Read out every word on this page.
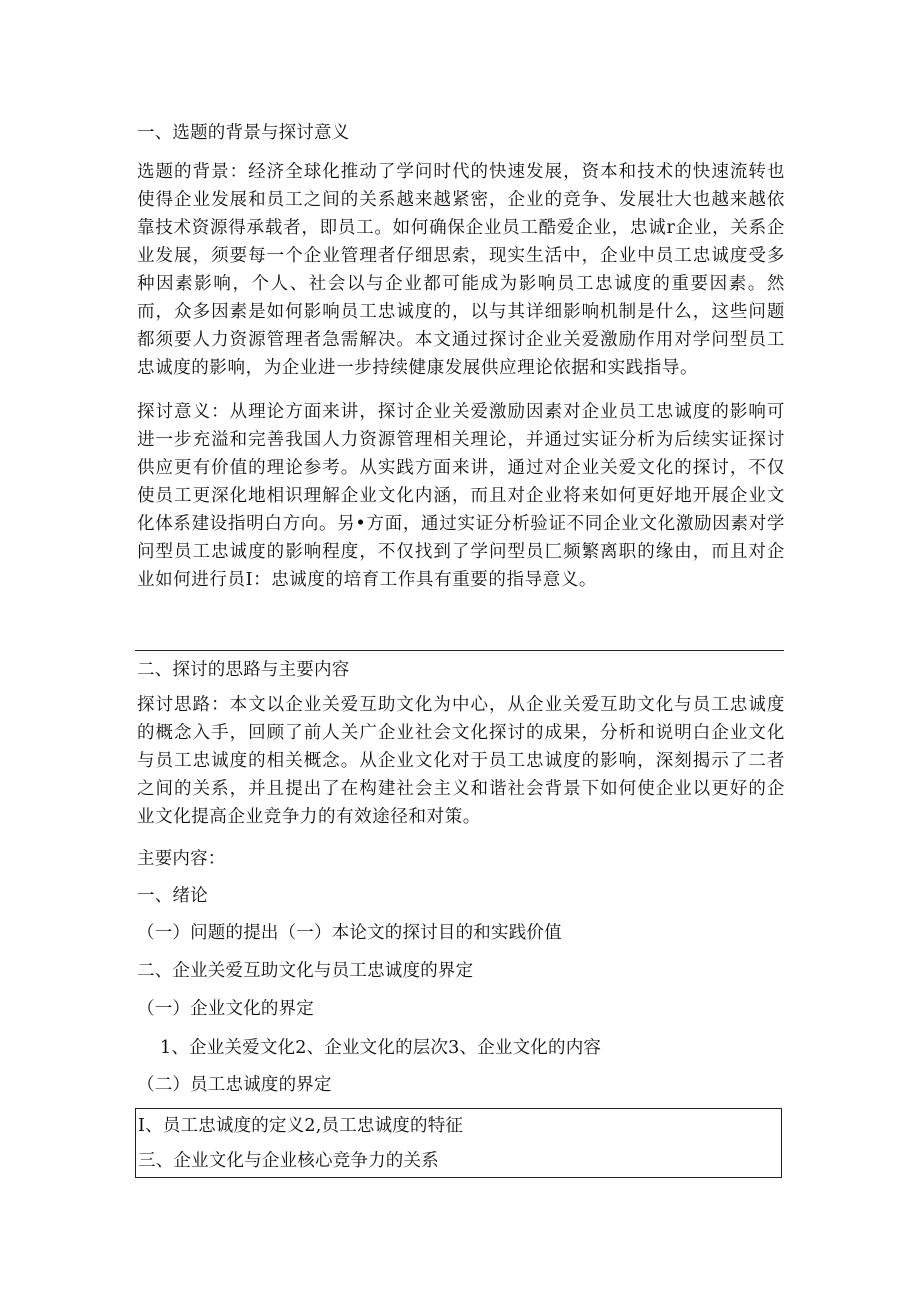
一、选题的背景与探讨意义
选题的背景：经济全球化推动了学问时代的快速发展，资本和技术的快速流转也使得企业发展和员工之间的关系越来越紧密，企业的竞争、发展壮大也越来越依靠技术资源得承载者，即员工。如何确保企业员工酷爱企业，忠诚r企业，关系企业发展，须要每一个企业管理者仔细思索，现实生活中，企业中员工忠诚度受多种因素影响，个人、社会以与企业都可能成为影响员工忠诚度的重要因素。然而，众多因素是如何影响员工忠诚度的，以与其详细影响机制是什么，这些问题都须要人力资源管理者急需解决。本文通过探讨企业关爱激励作用对学问型员工忠诚度的影响，为企业进一步持续健康发展供应理论依据和实践指导。
探讨意义：从理论方面来讲，探讨企业关爱激励因素对企业员工忠诚度的影响可进一步充溢和完善我国人力资源管理相关理论，并通过实证分析为后续实证探讨供应更有价值的理论参考。从实践方面来讲，通过对企业关爱文化的探讨，不仅使员工更深化地相识理解企业文化内涵，而且对企业将来如何更好地开展企业文化体系建设指明白方向。另•方面，通过实证分析验证不同企业文化激励因素对学问型员工忠诚度的影响程度，不仅找到了学问型员匚频繁离职的缘由，而且对企业如何进行员I：忠诚度的培育工作具有重要的指导意义。
二、探讨的思路与主要内容
探讨思路：本文以企业关爱互助文化为中心，从企业关爱互助文化与员工忠诚度的概念入手，回顾了前人关广企业社会文化探讨的成果，分析和说明白企业文化与员工忠诚度的相关概念。从企业文化对于员工忠诚度的影响，深刻揭示了二者之间的关系，并且提出了在构建社会主义和谐社会背景下如何使企业以更好的企业文化提高企业竞争力的有效途径和对策。
主要内容：
一、绪论
（一）问题的提出（一）本论文的探讨目的和实践价值
二、企业关爱互助文化与员工忠诚度的界定
（一）企业文化的界定
1、企业关爱文化2、企业文化的层次3、企业文化的内容
（二）员工忠诚度的界定
I、员工忠诚度的定义2,员工忠诚度的特征
三、企业文化与企业核心竞争力的关系
